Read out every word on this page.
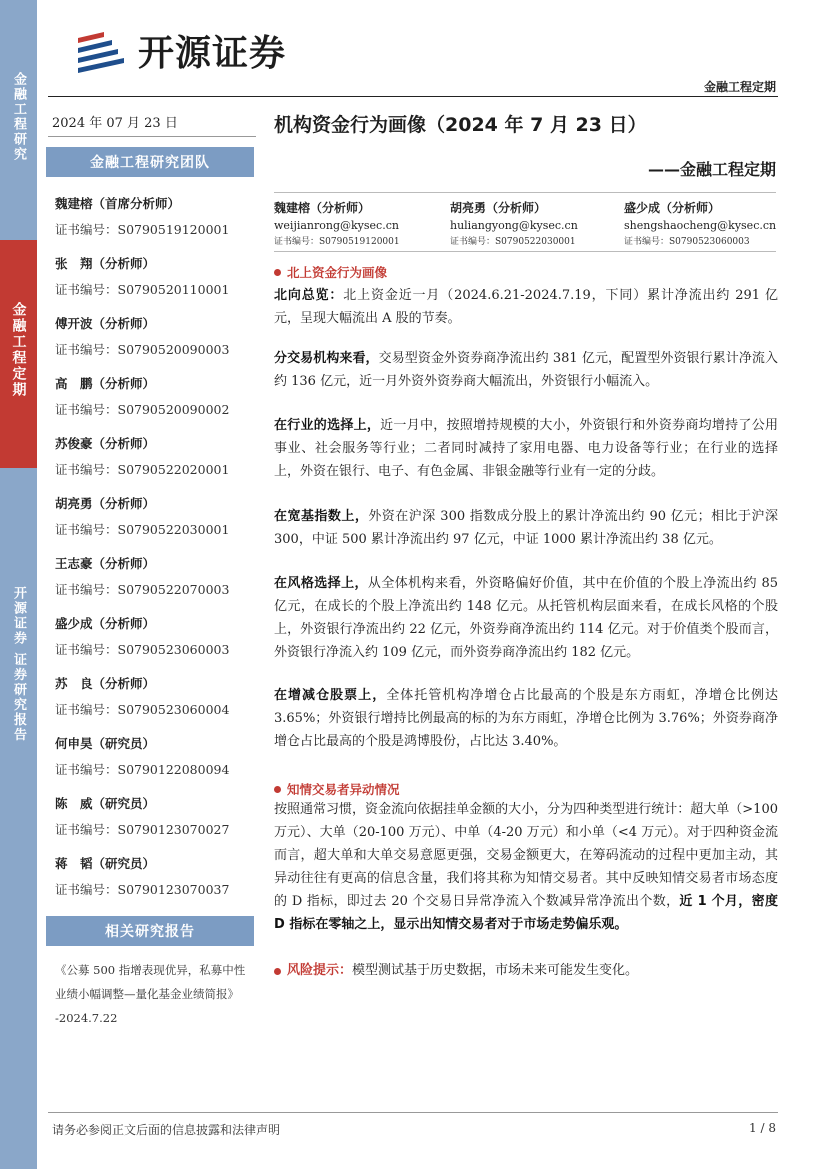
金融工程研究
金融工程定期
开源证券 证券研究报告
开源证券
金融工程定期
2024 年 07 月 23 日
金融工程研究团队
魏建榕（首席分析师）
证书编号：S0790519120001
张　翔（分析师）
证书编号：S0790520110001
傅开波（分析师）
证书编号：S0790520090003
高　鹏（分析师）
证书编号：S0790520090002
苏俊豪（分析师）
证书编号：S0790522020001
胡亮勇（分析师）
证书编号：S0790522030001
王志豪（分析师）
证书编号：S0790522070003
盛少成（分析师）
证书编号：S0790523060003
苏　良（分析师）
证书编号：S0790523060004
何申昊（研究员）
证书编号：S0790122080094
陈　威（研究员）
证书编号：S0790123070027
蒋　韬（研究员）
证书编号：S0790123070037
相关研究报告
《公募 500 指增表现优异，私募中性
业绩小幅调整—量化基金业绩简报》
-2024.7.22
机构资金行为画像（2024 年 7 月 23 日）
——金融工程定期
魏建榕（分析师）
weijianrong@kysec.cn
证书编号：S0790519120001
胡亮勇（分析师）
huliangyong@kysec.cn
证书编号：S0790522030001
盛少成（分析师）
shengshaocheng@kysec.cn
证书编号：S0790523060003
北上资金行为画像
北向总览：北上资金近一月（2024.6.21-2024.7.19，下同）累计净流出约 291 亿元，呈现大幅流出 A 股的节奏。
分交易机构来看，交易型资金外资券商净流出约 381 亿元，配置型外资银行累计净流入约 136 亿元，近一月外资外资券商大幅流出，外资银行小幅流入。
在行业的选择上，近一月中，按照增持规模的大小，外资银行和外资券商均增持了公用事业、社会服务等行业；二者同时减持了家用电器、电力设备等行业；在行业的选择上，外资在银行、电子、有色金属、非银金融等行业有一定的分歧。
在宽基指数上，外资在沪深 300 指数成分股上的累计净流出约 90 亿元；相比于沪深 300，中证 500 累计净流出约 97 亿元，中证 1000 累计净流出约 38 亿元。
在风格选择上，从全体机构来看，外资略偏好价值，其中在价值的个股上净流出约 85 亿元，在成长的个股上净流出约 148 亿元。从托管机构层面来看，在成长风格的个股上，外资银行净流出约 22 亿元，外资券商净流出约 114 亿元。对于价值类个股而言，外资银行净流入约 109 亿元，而外资券商净流出约 182 亿元。
在增减仓股票上，全体托管机构净增仓占比最高的个股是东方雨虹，净增仓比例达 3.65%；外资银行增持比例最高的标的为东方雨虹，净增仓比例为 3.76%；外资券商净增仓占比最高的个股是鸿博股份，占比达 3.40%。
知情交易者异动情况
按照通常习惯，资金流向依据挂单金额的大小，分为四种类型进行统计：超大单（>100 万元）、大单（20-100 万元）、中单（4-20 万元）和小单（<4 万元）。对于四种资金流而言，超大单和大单交易意愿更强，交易金额更大，在筹码流动的过程中更加主动，其异动往往有更高的信息含量，我们将其称为知情交易者。其中反映知情交易者市场态度的 D 指标，即过去 20 个交易日异常净流入个数减异常净流出个数，近 1 个月，密度 D 指标在零轴之上，显示出知情交易者对于市场走势偏乐观。
风险提示： 模型测试基于历史数据，市场未来可能发生变化。
请务必参阅正文后面的信息披露和法律声明	1 / 8
